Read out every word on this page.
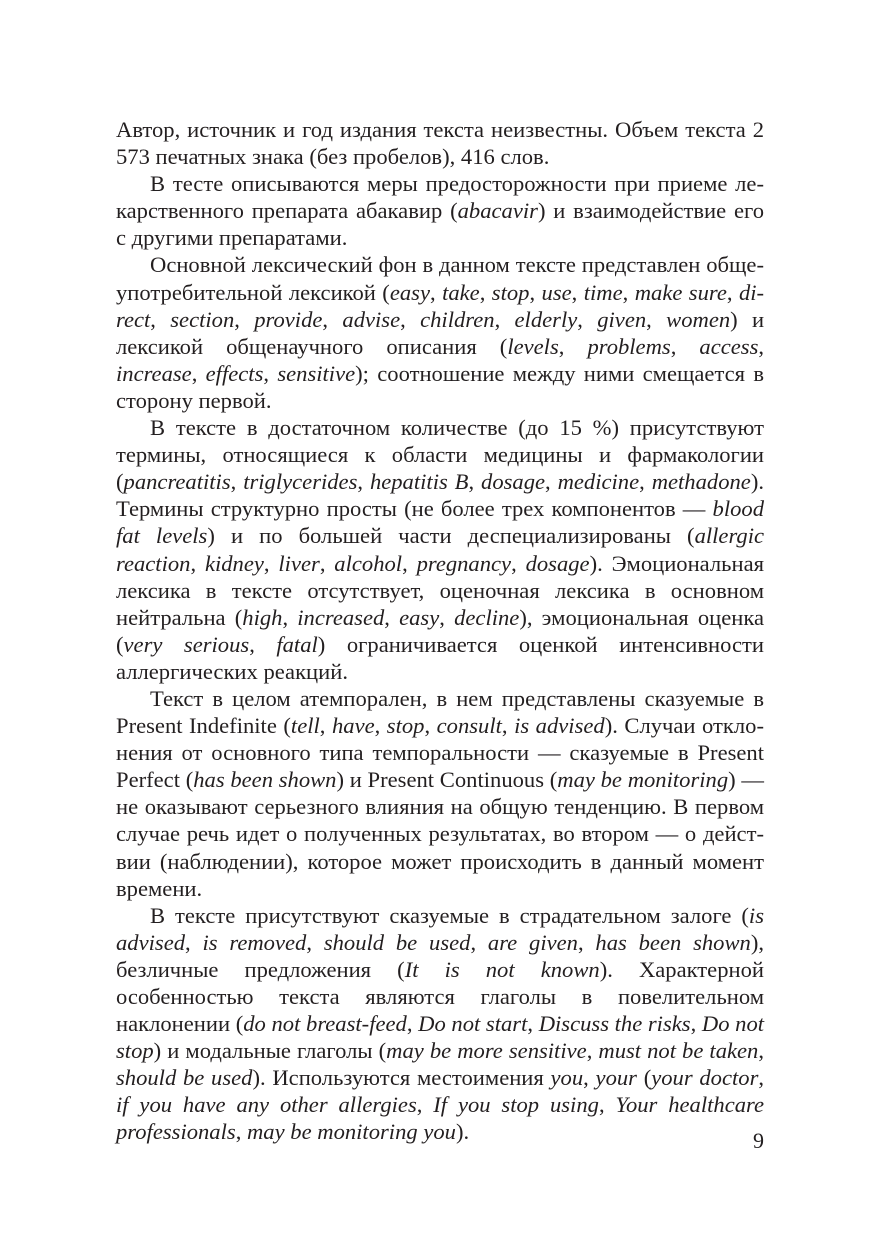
Автор, источник и год издания текста неизвестны. Объем текста 2 573 печатных знака (без пробелов), 416 слов.

В тесте описываются меры предосторожности при приеме лекарственного препарата абакавир (abacavir) и взаимодействие его с другими препаратами.

Основной лексический фон в данном тексте представлен общеупотребительной лексикой (easy, take, stop, use, time, make sure, direct, section, provide, advise, children, elderly, given, women) и лексикой общенаучного описания (levels, problems, access, increase, effects, sensitive); соотношение между ними смещается в сторону первой.

В тексте в достаточном количестве (до 15 %) присутствуют термины, относящиеся к области медицины и фармакологии (pancreatitis, triglycerides, hepatitis B, dosage, medicine, methadone). Термины структурно просты (не более трех компонентов — blood fat levels) и по большей части деспециализированы (allergic reaction, kidney, liver, alcohol, pregnancy, dosage). Эмоциональная лексика в тексте отсутствует, оценочная лексика в основном нейтральна (high, increased, easy, decline), эмоциональная оценка (very serious, fatal) ограничивается оценкой интенсивности аллергических реакций.

Текст в целом атемпорален, в нем представлены сказуемые в Present Indefinite (tell, have, stop, consult, is advised). Случаи отклонения от основного типа темпоральности — сказуемые в Present Perfect (has been shown) и Present Continuous (may be monitoring) — не оказывают серьезного влияния на общую тенденцию. В первом случае речь идет о полученных результатах, во втором — о действии (наблюдении), которое может происходить в данный момент времени.

В тексте присутствуют сказуемые в страдательном залоге (is advised, is removed, should be used, are given, has been shown), безличные предложения (It is not known). Характерной особенностью текста являются глаголы в повелительном наклонении (do not breast-feed, Do not start, Discuss the risks, Do not stop) и модальные глаголы (may be more sensitive, must not be taken, should be used). Используются местоимения you, your (your doctor, if you have any other allergies, If you stop using, Your healthcare professionals, may be monitoring you).	9
